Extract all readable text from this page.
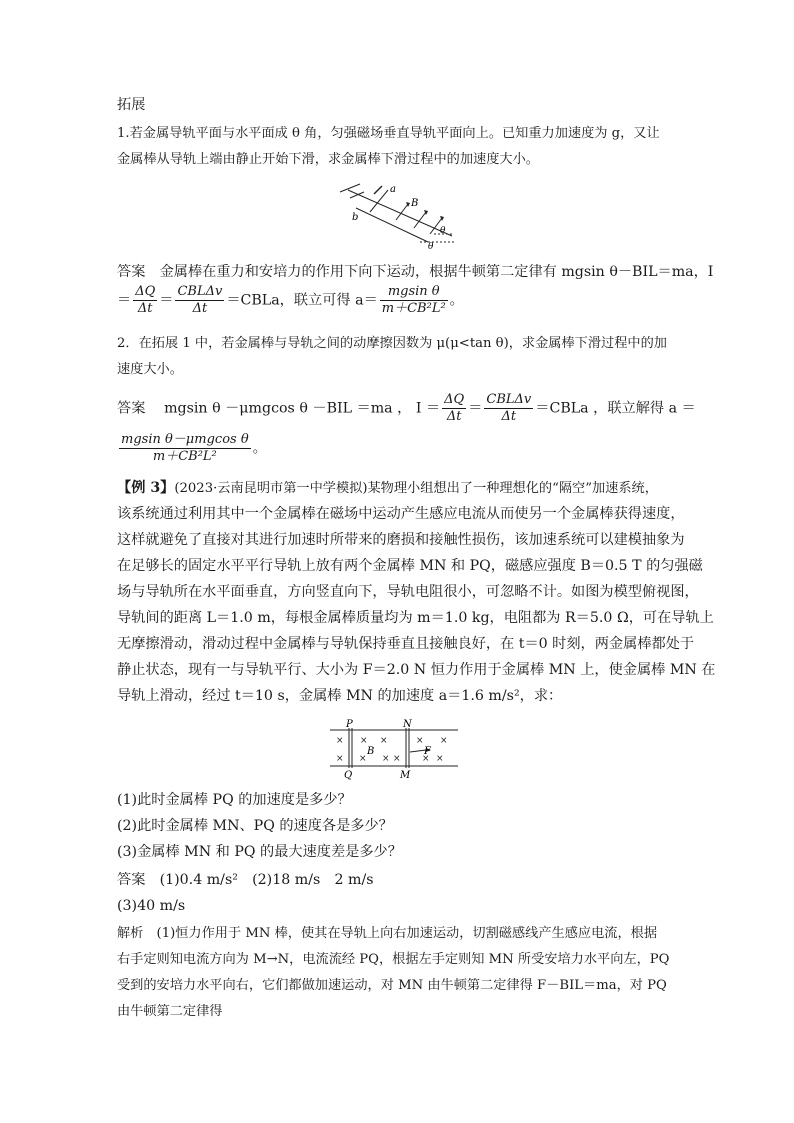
拓展
1.若金属导轨平面与水平面成 θ 角，匀强磁场垂直导轨平面向上。已知重力加速度为 g，又让
金属棒从导轨上端由静止开始下滑，求金属棒下滑过程中的加速度大小。
a
b
B
θ
θ
答案　金属棒在重力和安培力的作用下向下运动，根据牛顿第二定律有 mgsin θ－BIL＝ma，I
＝ $\frac{\Delta Q}{\Delta t} = \frac{\text{CBLΔv}}{\Delta t}$ ＝CBLa，联立可得 $a= \frac{\text{mgsin θ}}{\text{m＋CB²L²}}$ 。
2．在拓展 1 中，若金属棒与导轨之间的动摩擦因数为 μ(μ<tan θ)，求金属棒下滑过程中的加
速度大小。
答案　 mgsin θ －μmgcos θ －BIL ＝ma ， $I = \frac{\Delta Q}{\Delta t} = \frac{\text{CBLΔv}}{\Delta t}$ ＝CBLa ，联立解得 a ＝
$\frac{\text{mgsin θ－μmgcos θ}}{\text{m＋CB²L²}}$ 。
【例 3】(2023·云南昆明市第一中学模拟)某物理小组想出了一种理想化的“隔空”加速系统，
该系统通过利用其中一个金属棒在磁场中运动产生感应电流从而使另一个金属棒获得速度，
这样就避免了直接对其进行加速时所带来的磨损和接触性损伤，该加速系统可以建模抽象为
在足够长的固定水平平行导轨上放有两个金属棒 MN 和 PQ，磁感应强度 B＝0.5 T 的匀强磁
场与导轨所在水平面垂直，方向竖直向下，导轨电阻很小，可忽略不计。如图为模型俯视图，
导轨间的距离 L＝1.0 m，每根金属棒质量均为 m＝1.0 kg，电阻都为 R＝5.0 Ω，可在导轨上
无摩擦滑动，滑动过程中金属棒与导轨保持垂直且接触良好，在 t＝0 时刻，两金属棒都处于
静止状态，现有一与导轨平行、大小为 F＝2.0 N 恒力作用于金属棒 MN 上，使金属棒 MN 在
导轨上滑动，经过 t＝10 s，金属棒 MN 的加速度 a＝1.6 m/s²，求：
P	N
Q	M
B	F
×
×
×
×
×
× ×
×
×
×
×
(1)此时金属棒 PQ 的加速度是多少？
(2)此时金属棒 MN、PQ 的速度各是多少？
(3)金属棒 MN 和 PQ 的最大速度差是多少？
答案　(1)0.4 m/s²　(2)18 m/s　2 m/s
(3)40 m/s
解析　(1)恒力作用于 MN 棒，使其在导轨上向右加速运动，切割磁感线产生感应电流，根据
右手定则知电流方向为 M→N，电流流经 PQ，根据左手定则知 MN 所受安培力水平向左，PQ
受到的安培力水平向右，它们都做加速运动，对 MN 由牛顿第二定律得 F－BIL＝ma，对 PQ
由牛顿第二定律得
